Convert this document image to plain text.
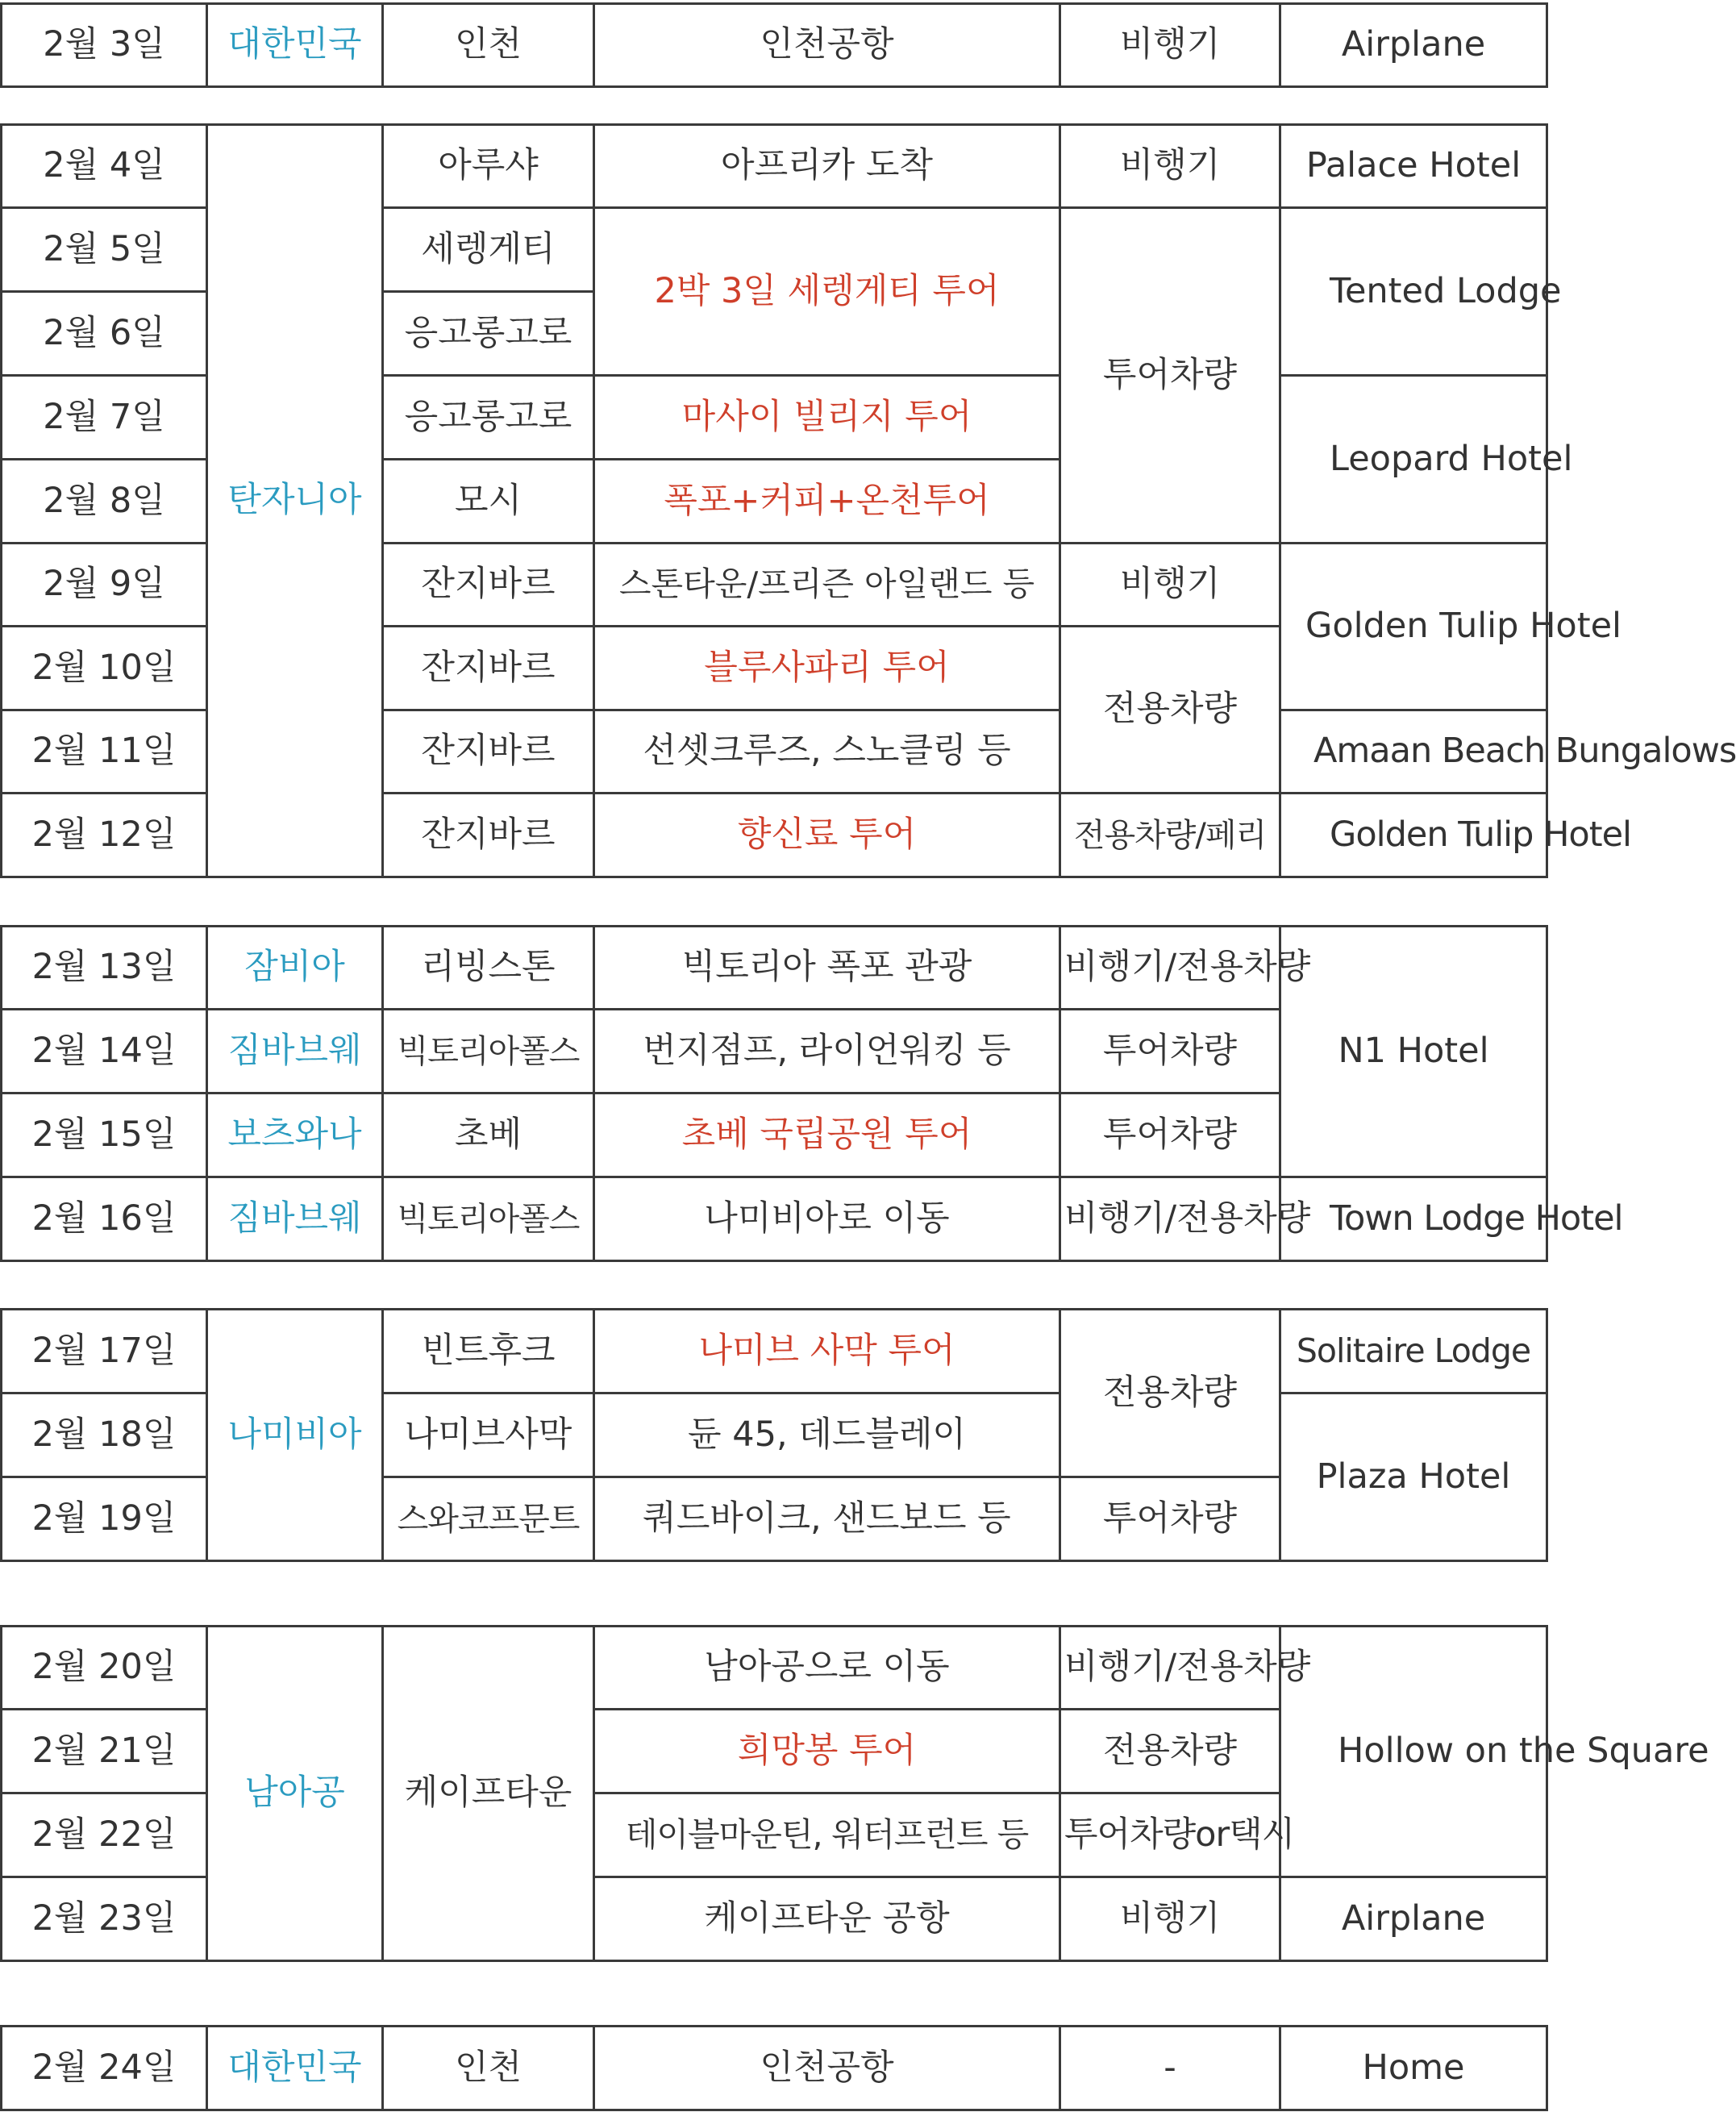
2월 3일	대한민국	인천	인천공항	비행기	Airplane
2월 4일	탄자니아	아루샤	아프리카 도착	비행기	Palace Hotel
2월 5일		세렝게티	2박 3일 세렝게티 투어	투어차량	Tented Lodge
2월 6일		응고롱고로			
2월 7일		응고롱고로	마사이 빌리지 투어		Leopard Hotel
2월 8일		모시	폭포+커피+온천투어		
2월 9일		잔지바르	스톤타운/프리즌 아일랜드 등	비행기	Golden Tulip Hotel
2월 10일		잔지바르	블루사파리 투어	전용차량	
2월 11일		잔지바르	선셋크루즈, 스노클링 등		Amaan Beach Bungalows
2월 12일		잔지바르	향신료 투어	전용차량/페리	Golden Tulip Hotel
2월 13일	잠비아	리빙스톤	빅토리아 폭포 관광	비행기/전용차량	N1 Hotel
2월 14일	짐바브웨	빅토리아폴스	번지점프, 라이언워킹 등	투어차량	
2월 15일	보츠와나	초베	초베 국립공원 투어	투어차량	
2월 16일	짐바브웨	빅토리아폴스	나미비아로 이동	비행기/전용차량	Town Lodge Hotel
2월 17일	나미비아	빈트후크	나미브 사막 투어	전용차량	Solitaire Lodge
2월 18일		나미브사막	듄 45, 데드블레이		Plaza Hotel
2월 19일		스와코프문트	쿼드바이크, 샌드보드 등	투어차량	
2월 20일	남아공	케이프타운	남아공으로 이동	비행기/전용차량	Hollow on the Square
2월 21일			희망봉 투어	전용차량	
2월 22일			테이블마운틴, 워터프런트 등	투어차량or택시	
2월 23일			케이프타운 공항	비행기	Airplane
2월 24일	대한민국	인천	인천공항	-	Home
